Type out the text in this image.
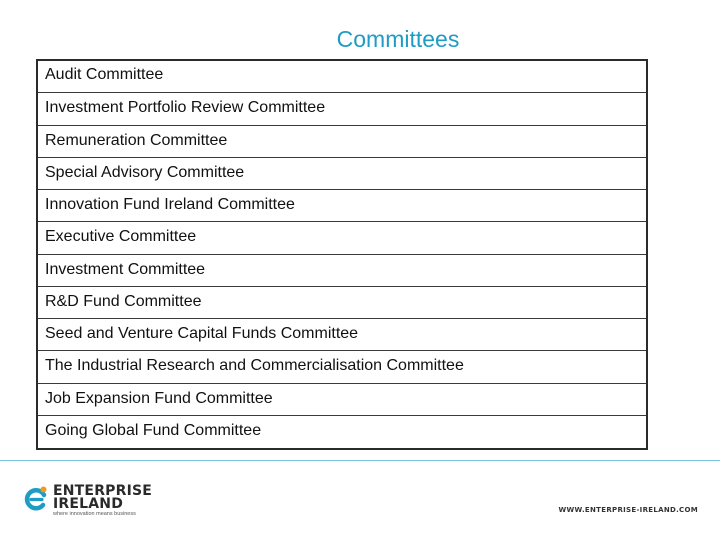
Committees
Audit Committee
Investment Portfolio Review Committee
Remuneration Committee
Special Advisory Committee
Innovation Fund Ireland Committee
Executive Committee
Investment Committee
R&D Fund Committee
Seed and Venture Capital Funds Committee
The Industrial Research and Commercialisation Committee
Job Expansion Fund Committee
Going Global Fund Committee
ENTERPRISE
IRELAND
where innovation means business	WWW.ENTERPRISE-IRELAND.COM
